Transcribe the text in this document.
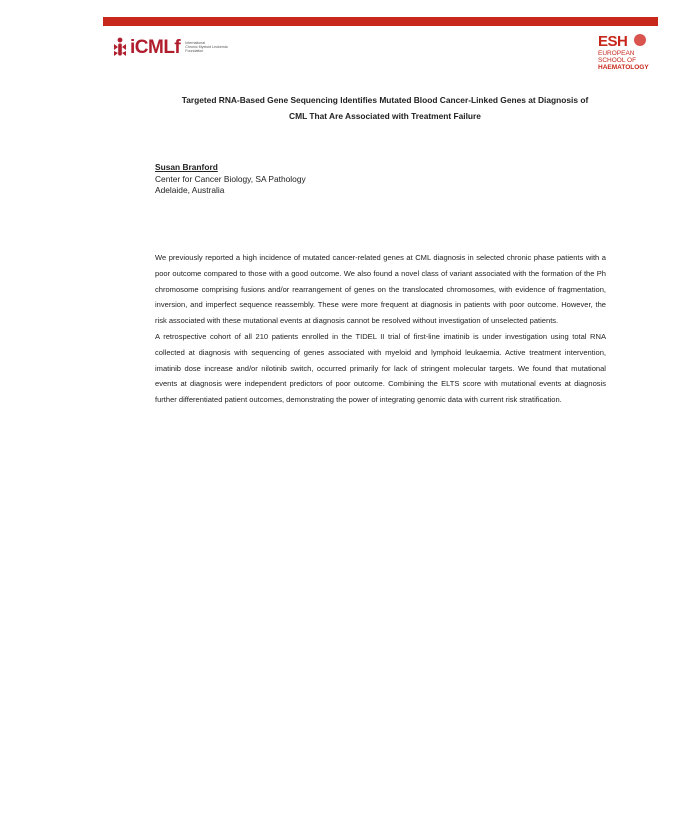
iCMLf International
Chronic Myeloid Leukemia
Foundation
ESH
EUROPEAN
SCHOOL OF
HAEMATOLOGY
Targeted RNA-Based Gene Sequencing Identifies Mutated Blood Cancer-Linked Genes at Diagnosis of
CML That Are Associated with Treatment Failure
Susan Branford
Center for Cancer Biology, SA Pathology
Adelaide, Australia

We previously reported a high incidence of mutated cancer-related genes at CML diagnosis in selected chronic phase patients with a poor outcome compared to those with a good outcome. We also found a novel class of variant associated with the formation of the Ph chromosome comprising fusions and/or rearrangement of genes on the translocated chromosomes, with evidence of fragmentation, inversion, and imperfect sequence reassembly. These were more frequent at diagnosis in patients with poor outcome. However, the risk associated with these mutational events at diagnosis cannot be resolved without investigation of unselected patients.

A retrospective cohort of all 210 patients enrolled in the TIDEL II trial of first-line imatinib is under investigation using total RNA collected at diagnosis with sequencing of genes associated with myeloid and lymphoid leukaemia. Active treatment intervention, imatinib dose increase and/or nilotinib switch, occurred primarily for lack of stringent molecular targets. We found that mutational events at diagnosis were independent predictors of poor outcome. Combining the ELTS score with mutational events at diagnosis further differentiated patient outcomes, demonstrating the power of integrating genomic data with current risk stratification.
